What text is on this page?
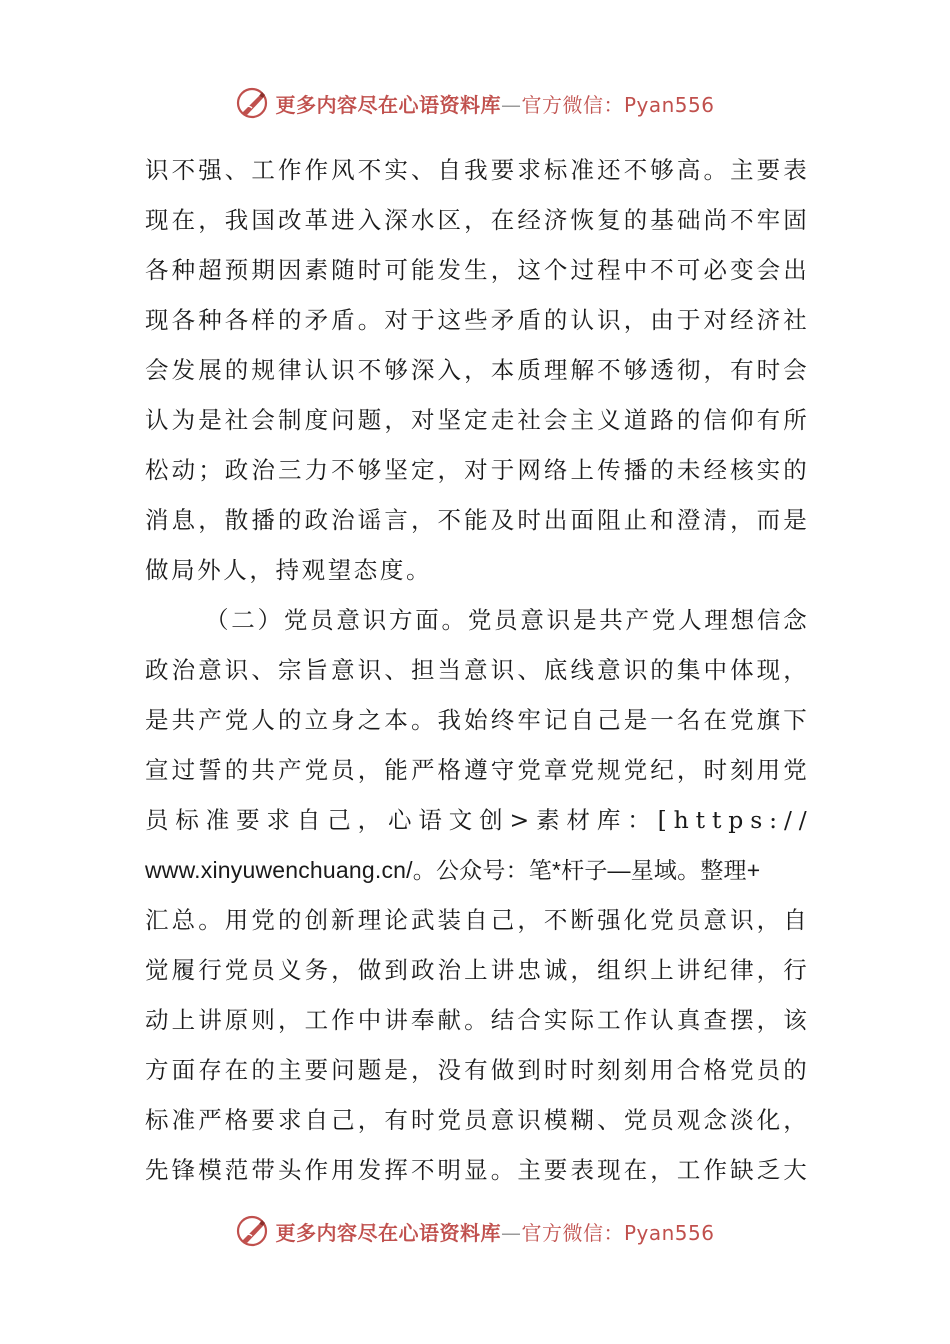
更多内容尽在心语资料库—官方微信：Pyan556
识 不 强 、 工 作 作 风 不 实 、 自 我 要 求 标 准 还 不 够 高 。 主 要 表
现 在 ， 我 国 改 革 进 入 深 水 区 ， 在 经 济 恢 复 的 基 础 尚 不 牢 固
各 种 超 预 期 因 素 随 时 可 能 发 生 ， 这 个 过 程 中 不 可 必 变 会 出
现 各 种 各 样 的 矛 盾 。 对 于 这 些 矛 盾 的 认 识 ， 由 于 对 经 济 社
会 发 展 的 规 律 认 识 不 够 深 入 ， 本 质 理 解 不 够 透 彻 ， 有 时 会
认 为 是 社 会 制 度 问 题 ， 对 坚 定 走 社 会 主 义 道 路 的 信 仰 有 所
松 动 ； 政 治 三 力 不 够 坚 定 ， 对 于 网 络 上 传 播 的 未 经 核 实 的
消 息 ， 散 播 的 政 治 谣 言 ， 不 能 及 时 出 面 阻 止 和 澄 清 ， 而 是
做局外人，持观望态度。
（ 二 ） 党 员 意 识 方 面 。 党 员 意 识 是 共 产 党 人 理 想 信 念
政 治 意 识 、 宗 旨 意 识 、 担 当 意 识 、 底 线 意 识 的 集 中 体 现 ，
是 共 产 党 人 的 立 身 之 本 。 我 始 终 牢 记 自 己 是 一 名 在 党 旗 下
宣 过 誓 的 共 产 党 员 ， 能 严 格 遵 守 党 章 党 规 党 纪 ， 时 刻 用 党
员 标 准 要 求 自 己 ， 心 语 文 创 > 素 材 库 ： [ h t t p s : / /
www.xinyuwenchuang.cn/。公众号：笔*杆子—星域。整理+
汇 总 。 用 党 的 创 新 理 论 武 装 自 己 ， 不 断 强 化 党 员 意 识 ， 自
觉 履 行 党 员 义 务 ， 做 到 政 治 上 讲 忠 诚 ， 组 织 上 讲 纪 律 ， 行
动 上 讲 原 则 ， 工 作 中 讲 奉 献 。 结 合 实 际 工 作 认 真 查 摆 ， 该
方 面 存 在 的 主 要 问 题 是 ， 没 有 做 到 时 时 刻 刻 用 合 格 党 员 的
标 准 严 格 要 求 自 己 ， 有 时 党 员 意 识 模 糊 、 党 员 观 念 淡 化 ，
先 锋 模 范 带 头 作 用 发 挥 不 明 显 。 主 要 表 现 在 ， 工 作 缺 乏 大
更多内容尽在心语资料库—官方微信：Pyan556
